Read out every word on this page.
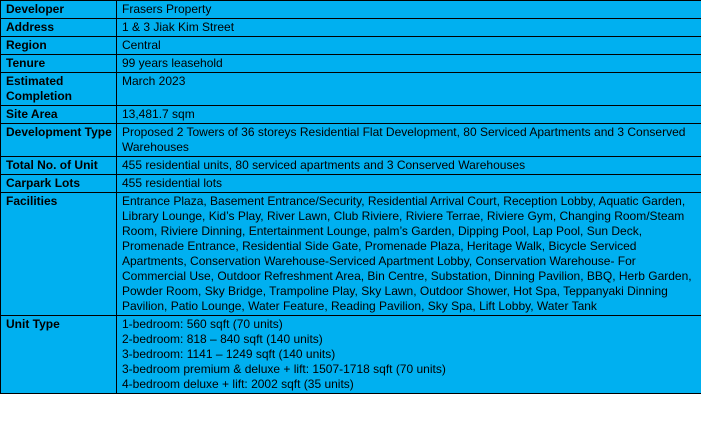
Developer	Frasers Property
Address	1 & 3 Jiak Kim Street
Region	Central
Tenure	99 years leasehold
Estimated Completion	March 2023
Site Area	13,481.7 sqm
Development Type	Proposed 2 Towers of 36 storeys Residential Flat Development, 80 Serviced Apartments and 3 Conserved Warehouses
Total No. of Unit	455 residential units, 80 serviced apartments and 3 Conserved Warehouses
Carpark Lots	455 residential lots
Facilities	Entrance Plaza, Basement Entrance/Security, Residential Arrival Court, Reception Lobby, Aquatic Garden, Library Lounge, Kid’s Play, River Lawn, Club Riviere, Riviere Terrae, Riviere Gym, Changing Room/Steam Room, Riviere Dinning, Entertainment Lounge, palm’s Garden, Dipping Pool, Lap Pool, Sun Deck, Promenade Entrance, Residential Side Gate, Promenade Plaza, Heritage Walk, Bicycle Serviced Apartments, Conservation Warehouse-Serviced Apartment Lobby, Conservation Warehouse- For Commercial Use, Outdoor Refreshment Area, Bin Centre, Substation, Dinning Pavilion, BBQ, Herb Garden, Powder Room, Sky Bridge, Trampoline Play, Sky Lawn, Outdoor Shower, Hot Spa, Teppanyaki Dinning Pavilion, Patio Lounge, Water Feature, Reading Pavilion, Sky Spa, Lift Lobby, Water Tank
Unit Type	1-bedroom: 560 sqft (70 units)
2-bedroom: 818 – 840 sqft (140 units)
3-bedroom: 1141 – 1249 sqft (140 units)
3-bedroom premium & deluxe + lift: 1507-1718 sqft (70 units)
4-bedroom deluxe + lift: 2002 sqft (35 units)
